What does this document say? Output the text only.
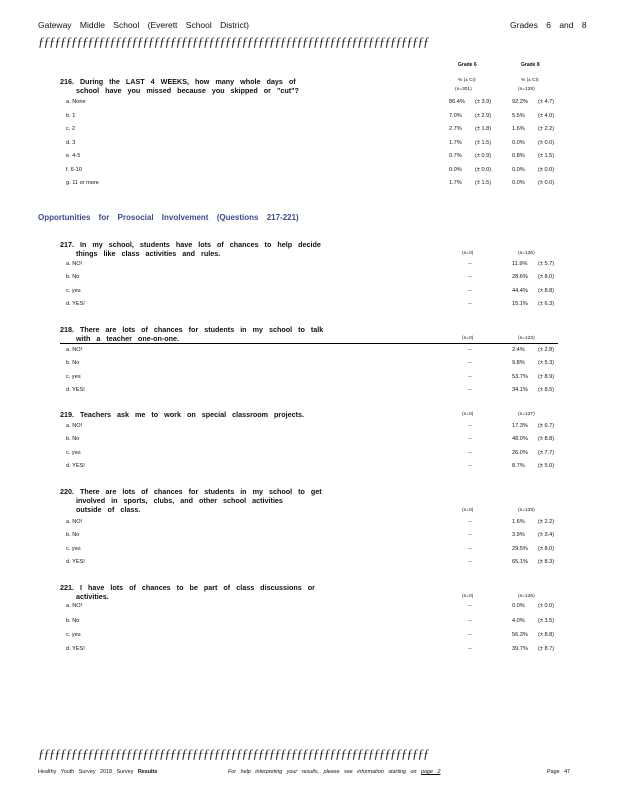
Gateway Middle School (Everett School District)	Grades 6 and 8
ƒƒƒƒƒƒƒƒƒƒƒƒƒƒƒƒƒƒƒƒƒƒƒƒƒƒƒƒƒƒƒƒƒƒƒƒƒƒƒƒƒƒƒƒƒƒƒƒƒƒƒƒƒƒƒƒƒƒƒƒƒƒƒƒƒƒƒƒƒƒƒ
Grade 6	Grade 8
216. During the LAST 4 WEEKS, how many whole days of
school have you missed because you skipped or "cut"?
% (± CI)	% (± CI)
(n=301)	(n=128)
a. None	86.4% (± 3.9)	92.2% (± 4.7)
b. 1	7.0% (± 2.9)	5.5% (± 4.0)
c. 2	2.7% (± 1.8)	1.6% (± 2.2)
d. 3	1.7% (± 1.5)	0.0% (± 0.0)
e. 4-5	0.7% (± 0.9)	0.8% (± 1.5)
f. 6-10	0.0% (± 0.0)	0.0% (± 0.0)
g. 11 or more	1.7% (± 1.5)	0.0% (± 0.0)
Opportunities for Prosocial Involvement (Questions 217-221)
217. In my school, students have lots of chances to help decide
things like class activities and rules.	(n=0)	(n=126)
a. NO!	--	11.9% (± 5.7)
b. No	--	28.6% (± 8.0)
c. yes	--	44.4% (± 8.8)
d. YES!	--	15.1% (± 6.3)
218. There are lots of chances for students in my school to talk
with a teacher one-on-one.	(n=0)	(n=123)
a. NO!	--	2.4% (± 2.8)
b. No	--	9.8% (± 5.3)
c. yes	--	53.7% (± 8.9)
d. YES!	--	34.1% (± 8.5)
219. Teachers ask me to work on special classroom projects.	(n=0)	(n=127)
a. NO!	--	17.3% (± 6.7)
b. No	--	48.0% (± 8.8)
c. yes	--	26.0% (± 7.7)
d. YES!	--	8.7% (± 5.0)
220. There are lots of chances for students in my school to get
involved in sports, clubs, and other school activities
outside of class.	(n=0)	(n=129)
a. NO!	--	1.6% (± 2.2)
b. No	--	3.9% (± 3.4)
c. yes	--	29.5% (± 8.0)
d. YES!	--	65.1% (± 8.3)
221. I have lots of chances to be part of class discussions or
activities.	(n=0)	(n=126)
a. NO!	--	0.0% (± 0.0)
b. No	--	4.0% (± 3.5)
c. yes	--	56.3% (± 8.8)
d. YES!	--	39.7% (± 8.7)
ƒƒƒƒƒƒƒƒƒƒƒƒƒƒƒƒƒƒƒƒƒƒƒƒƒƒƒƒƒƒƒƒƒƒƒƒƒƒƒƒƒƒƒƒƒƒƒƒƒƒƒƒƒƒƒƒƒƒƒƒƒƒƒƒƒƒƒƒƒƒƒ
Healthy Youth Survey 2018 Survey Results	For help interpreting your results, please see information starting on page 2	Page 47
